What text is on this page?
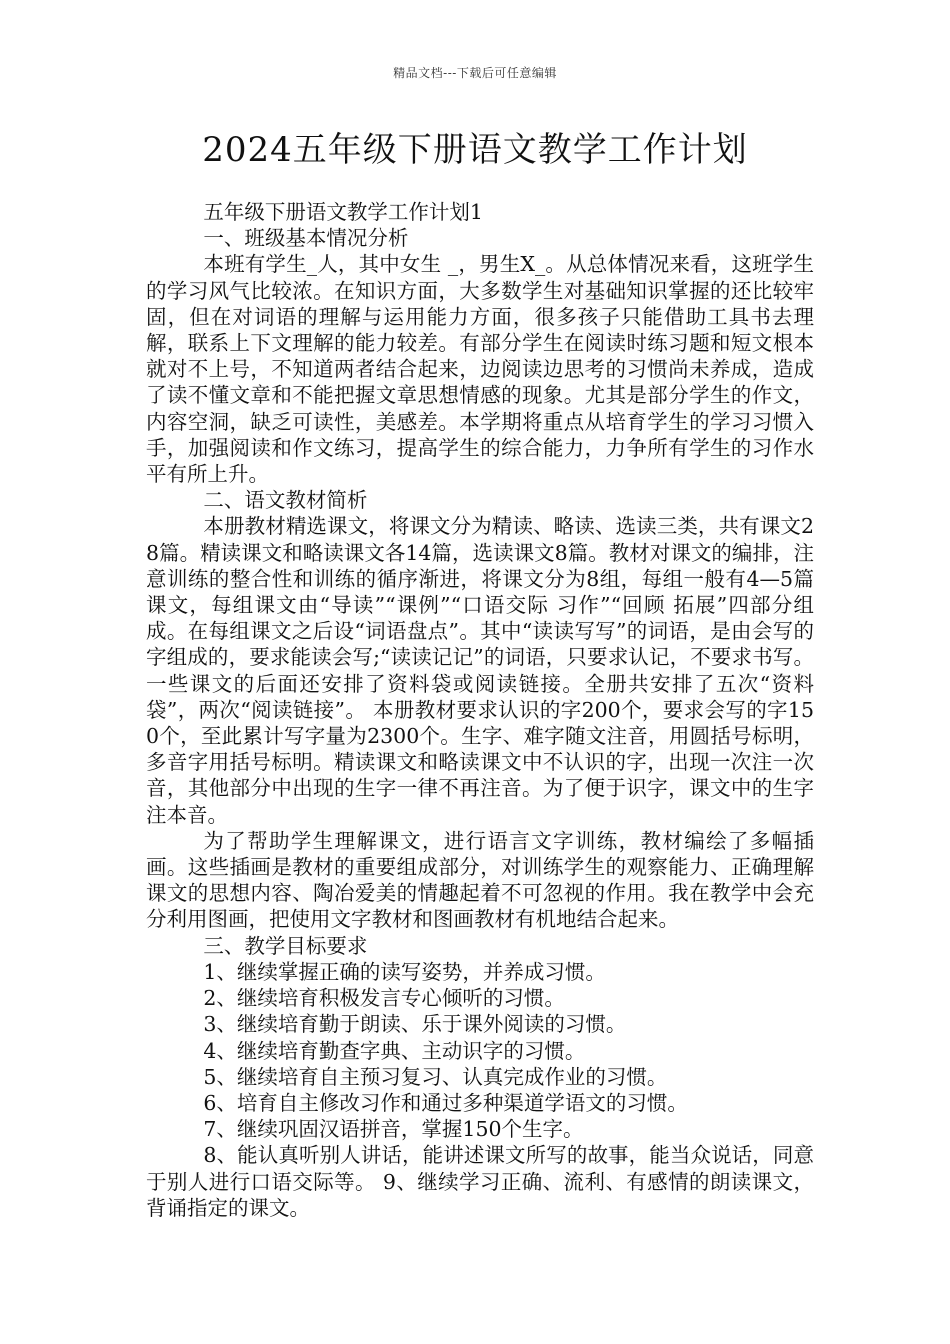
精品文档---下载后可任意编辑
2024五年级下册语文教学工作计划

五年级下册语文教学工作计划1

一、班级基本情况分析

本班有学生_人，其中女生 _，男生X_。从总体情况来看，这班学生的学习风气比较浓。在知识方面，大多数学生对基础知识掌握的还比较牢固，但在对词语的理解与运用能力方面，很多孩子只能借助工具书去理解，联系上下文理解的能力较差。有部分学生在阅读时练习题和短文根本就对不上号，不知道两者结合起来，边阅读边思考的习惯尚未养成，造成了读不懂文章和不能把握文章思想情感的现象。尤其是部分学生的作文，内容空洞，缺乏可读性，美感差。本学期将重点从培育学生的学习习惯入手，加强阅读和作文练习，提高学生的综合能力，力争所有学生的习作水平有所上升。

二、语文教材简析

本册教材精选课文，将课文分为精读、略读、选读三类，共有课文28篇。精读课文和略读课文各14篇，选读课文8篇。教材对课文的编排，注意训练的整合性和训练的循序渐进，将课文分为8组，每组一般有4—5篇课文，每组课文由“导读”“课例”“口语交际 习作”“回顾 拓展”四部分组成。在每组课文之后设“词语盘点”。其中“读读写写”的词语，是由会写的字组成的，要求能读会写;“读读记记”的词语，只要求认记，不要求书写。一些课文的后面还安排了资料袋或阅读链接。全册共安排了五次“资料袋”，两次“阅读链接”。 本册教材要求认识的字200个，要求会写的字150个，至此累计写字量为2300个。生字、难字随文注音，用圆括号标明，多音字用括号标明。精读课文和略读课文中不认识的字，出现一次注一次音，其他部分中出现的生字一律不再注音。为了便于识字，课文中的生字注本音。

为了帮助学生理解课文，进行语言文字训练，教材编绘了多幅插画。这些插画是教材的重要组成部分，对训练学生的观察能力、正确理解课文的思想内容、陶冶爱美的情趣起着不可忽视的作用。我在教学中会充分利用图画，把使用文字教材和图画教材有机地结合起来。

三、教学目标要求

1、继续掌握正确的读写姿势，并养成习惯。

2、继续培育积极发言专心倾听的习惯。

3、继续培育勤于朗读、乐于课外阅读的习惯。

4、继续培育勤查字典、主动识字的习惯。

5、继续培育自主预习复习、认真完成作业的习惯。

6、培育自主修改习作和通过多种渠道学语文的习惯。

7、继续巩固汉语拼音，掌握150个生字。

8、能认真听别人讲话，能讲述课文所写的故事，能当众说话，同意于别人进行口语交际等。 9、继续学习正确、流利、有感情的朗读课文，背诵指定的课文。
